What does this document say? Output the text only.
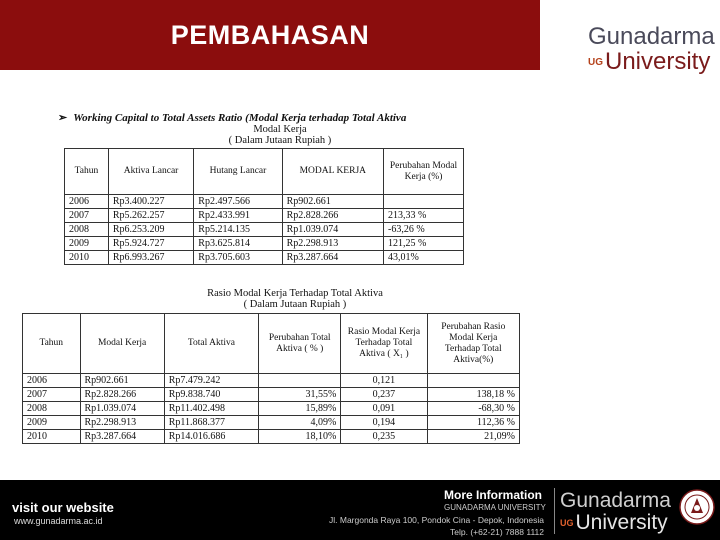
PEMBAHASAN	Gunadarma
UGUniversity
➢ Working Capital to Total Assets Ratio (Modal Kerja terhadap Total Aktiva
Modal Kerja
( Dalam Jutaan Rupiah )
Tahun	Aktiva Lancar	Hutang Lancar	MODAL KERJA	Perubahan Modal Kerja (%)
2006	Rp3.400.227	Rp2.497.566	Rp902.661	
2007	Rp5.262.257	Rp2.433.991	Rp2.828.266	213,33 %
2008	Rp6.253.209	Rp5.214.135	Rp1.039.074	-63,26 %
2009	Rp5.924.727	Rp3.625.814	Rp2.298.913	121,25 %
2010	Rp6.993.267	Rp3.705.603	Rp3.287.664	43,01%
Rasio Modal Kerja Terhadap Total Aktiva
( Dalam Jutaan Rupiah )
Tahun	Modal Kerja	Total Aktiva	Perubahan Total Aktiva ( % )	Rasio Modal Kerja Terhadap Total Aktiva ( X₁ )	Perubahan Rasio Modal Kerja Terhadap Total Aktiva(%)
2006	Rp902.661	Rp7.479.242		0,121	
2007	Rp2.828.266	Rp9.838.740	31,55%	0,237	138,18 %
2008	Rp1.039.074	Rp11.402.498	15,89%	0,091	-68,30 %
2009	Rp2.298.913	Rp11.868.377	4,09%	0,194	112,36 %
2010	Rp3.287.664	Rp14.016.686	18,10%	0,235	21,09%
visit our website
www.gunadarma.ac.id
More Information
GUNADARMA UNIVERSITY
Jl. Margonda Raya 100, Pondok Cina - Depok, Indonesia
Telp. (+62-21) 7888 1112
Gunadarma
UGUniversity
